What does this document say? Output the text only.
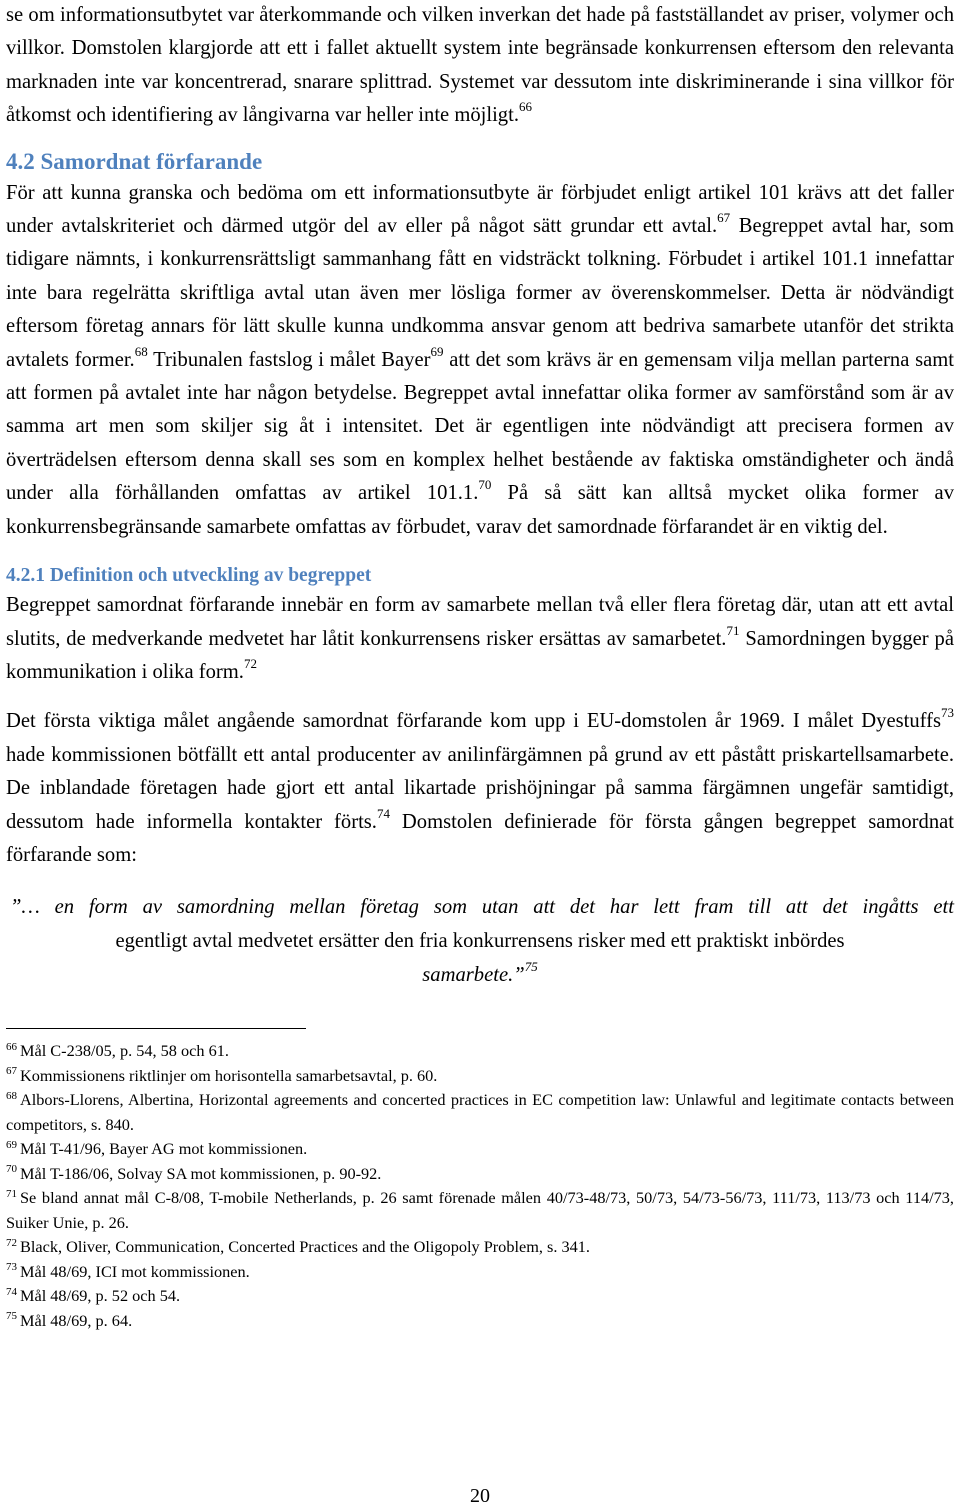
se om informationsutbytet var återkommande och vilken inverkan det hade på fastställandet av priser, volymer och villkor. Domstolen klargjorde att ett i fallet aktuellt system inte begränsade konkurrensen eftersom den relevanta marknaden inte var koncentrerad, snarare splittrad. Systemet var dessutom inte diskriminerande i sina villkor för åtkomst och identifiering av långivarna var heller inte möjligt.$^{66}$

4.2 Samordnat förfarande

För att kunna granska och bedöma om ett informationsutbyte är förbjudet enligt artikel 101 krävs att det faller under avtalskriteriet och därmed utgör del av eller på något sätt grundar ett avtal.$^{67}$ Begreppet avtal har, som tidigare nämnts, i konkurrensrättsligt sammanhang fått en vidsträckt tolkning. Förbudet i artikel 101.1 innefattar inte bara regelrätta skriftliga avtal utan även mer lösliga former av överenskommelser. Detta är nödvändigt eftersom företag annars för lätt skulle kunna undkomma ansvar genom att bedriva samarbete utanför det strikta avtalets former.$^{68}$ Tribunalen fastslog i målet Bayer$^{69}$ att det som krävs är en gemensam vilja mellan parterna samt att formen på avtalet inte har någon betydelse. Begreppet avtal innefattar olika former av samförstånd som är av samma art men som skiljer sig åt i intensitet. Det är egentligen inte nödvändigt att precisera formen av överträdelsen eftersom denna skall ses som en komplex helhet bestående av faktiska omständigheter och ändå under alla förhållanden omfattas av artikel 101.1.70 På så sätt kan alltså mycket olika former av konkurrensbegränsande samarbete omfattas av förbudet, varav det samordnade förfarandet är en viktig del.

4.2.1 Definition och utveckling av begreppet

Begreppet samordnat förfarande innebär en form av samarbete mellan två eller flera företag där, utan att ett avtal slutits, de medverkande medvetet har låtit konkurrensens risker ersättas av samarbetet.$^{71}$ Samordningen bygger på kommunikation i olika form.$^{72}$

Det första viktiga målet angående samordnat förfarande kom upp i EU-domstolen år 1969. I målet Dyestuffs$^{73}$ hade kommissionen bötfällt ett antal producenter av anilinfärgämnen på grund av ett påstått priskartellsamarbete. De inblandade företagen hade gjort ett antal likartade prishöjningar på samma färgämnen ungefär samtidigt, dessutom hade informella kontakter förts.$^{74}$ Domstolen definierade för första gången begreppet samordnat förfarande som:

”… en form av samordning mellan företag som utan att det har lett fram till att det ingåtts ett
egentligt avtal medvetet ersätter den fria konkurrensens risker med ett praktiskt inbördes
samarbete.”$^{75}$

$^{66}$ Mål C-238/05, p. 54, 58 och 61.

$^{67}$ Kommissionens riktlinjer om horisontella samarbetsavtal, p. 60.

$^{68}$ Albors-Llorens, Albertina, Horizontal agreements and concerted practices in EC competition law: Unlawful and legitimate contacts between competitors, s. 840.

$^{69}$ Mål T-41/96, Bayer AG mot kommissionen.

$^{70}$ Mål T-186/06, Solvay SA mot kommissionen, p. 90-92.

$^{71}$ Se bland annat mål C-8/08, T-mobile Netherlands, p. 26 samt förenade målen 40/73-48/73, 50/73, 54/73-56/73, 111/73, 113/73 och 114/73, Suiker Unie, p. 26.

$^{72}$ Black, Oliver, Communication, Concerted Practices and the Oligopoly Problem, s. 341.

$^{73}$ Mål 48/69, ICI mot kommissionen.

$^{74}$ Mål 48/69, p. 52 och 54.

$^{75}$ Mål 48/69, p. 64.

20
